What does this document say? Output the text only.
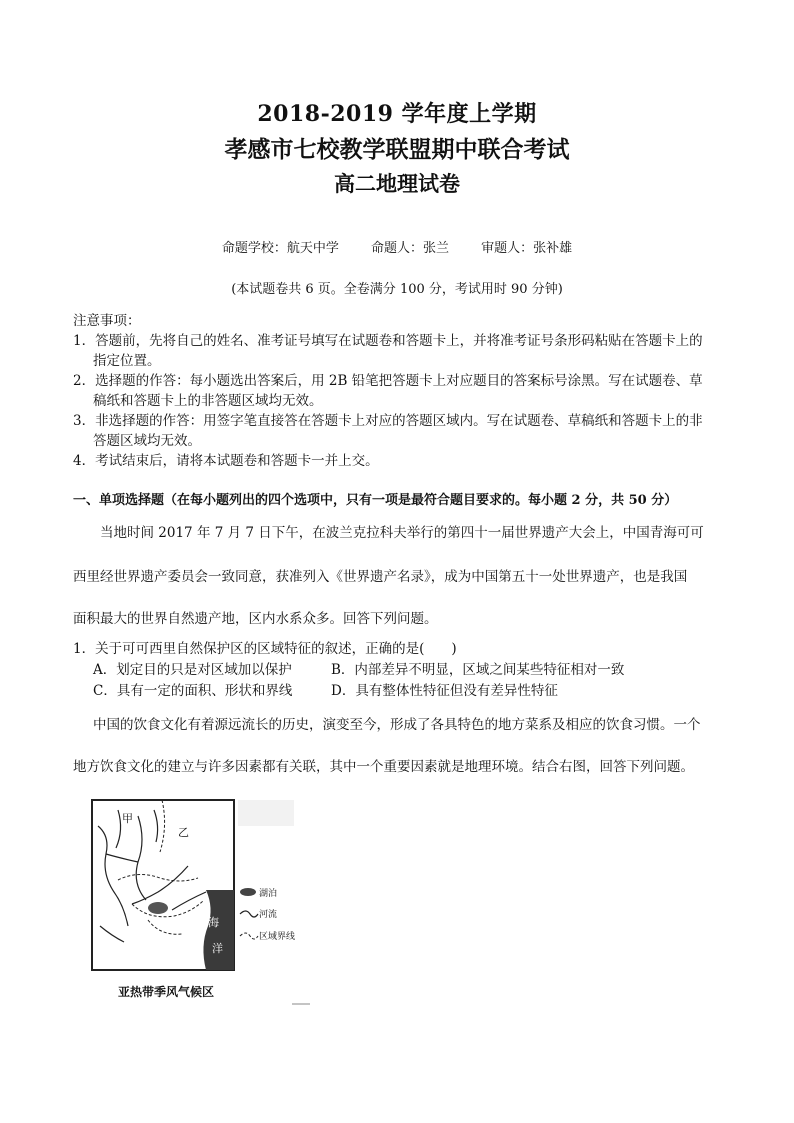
2018-2019 学年度上学期
孝感市七校教学联盟期中联合考试
高二地理试卷
命题学校：航天中学 命题人：张兰 审题人：张补雄
(本试题卷共 6 页。全卷满分 100 分，考试用时 90 分钟)
注意事项：
1．答题前，先将自己的姓名、准考证号填写在试题卷和答题卡上，并将准考证号条形码粘贴在答题卡上的
指定位置。
2．选择题的作答：每小题选出答案后，用 2B 铅笔把答题卡上对应题目的答案标号涂黑。写在试题卷、草
稿纸和答题卡上的非答题区域均无效。
3．非选择题的作答：用签字笔直接答在答题卡上对应的答题区域内。写在试题卷、草稿纸和答题卡上的非
答题区域均无效。
4．考试结束后，请将本试题卷和答题卡一并上交。
一、单项选择题（在每小题列出的四个选项中，只有一项是最符合题目要求的。每小题 2 分，共 50 分）
当地时间 2017 年 7 月 7 日下午，在波兰克拉科夫举行的第四十一届世界遗产大会上，中国青海可可
西里经世界遗产委员会一致同意，获准列入《世界遗产名录》，成为中国第五十一处世界遗产，也是我国
面积最大的世界自然遗产地，区内水系众多。回答下列问题。
1．关于可可西里自然保护区的区域特征的叙述，正确的是(　　)
A．划定目的只是对区域加以保护	B．内部差异不明显，区域之间某些特征相对一致
C．具有一定的面积、形状和界线	D．具有整体性特征但没有差异性特征
中国的饮食文化有着源远流长的历史，演变至今，形成了各具特色的地方菜系及相应的饮食习惯。一个
地方饮食文化的建立与许多因素都有关联，其中一个重要因素就是地理环境。结合右图，回答下列问题。
甲
乙
海
洋
湖泊
河流
区域界线
亚热带季风气候区
